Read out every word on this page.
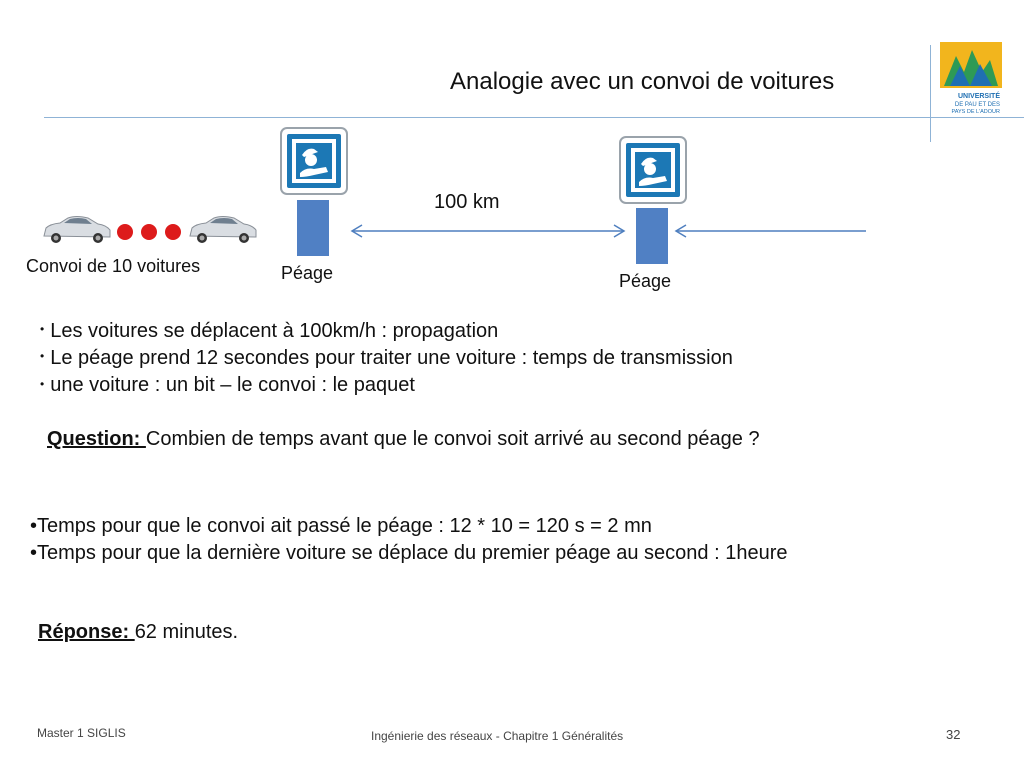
Analogie avec un convoi de voitures
UNIVERSITÉ
DE PAU ET DES
PAYS DE L'ADOUR
Convoi de 10 voitures	Péage	Péage
100 km
• Les voitures se déplacent à 100km/h : propagation
• Le péage prend 12 secondes pour traiter une voiture : temps de transmission
• une voiture : un bit – le convoi : le paquet
Question: Combien de temps avant que le convoi soit arrivé au second péage ?
•Temps pour que le convoi ait passé le péage : 12 * 10 = 120 s = 2 mn
•Temps pour que la dernière voiture se déplace du premier péage au second : 1heure
Réponse: 62 minutes.
Master 1 SIGLIS	Ingénierie des réseaux - Chapitre 1 Généralités	32
